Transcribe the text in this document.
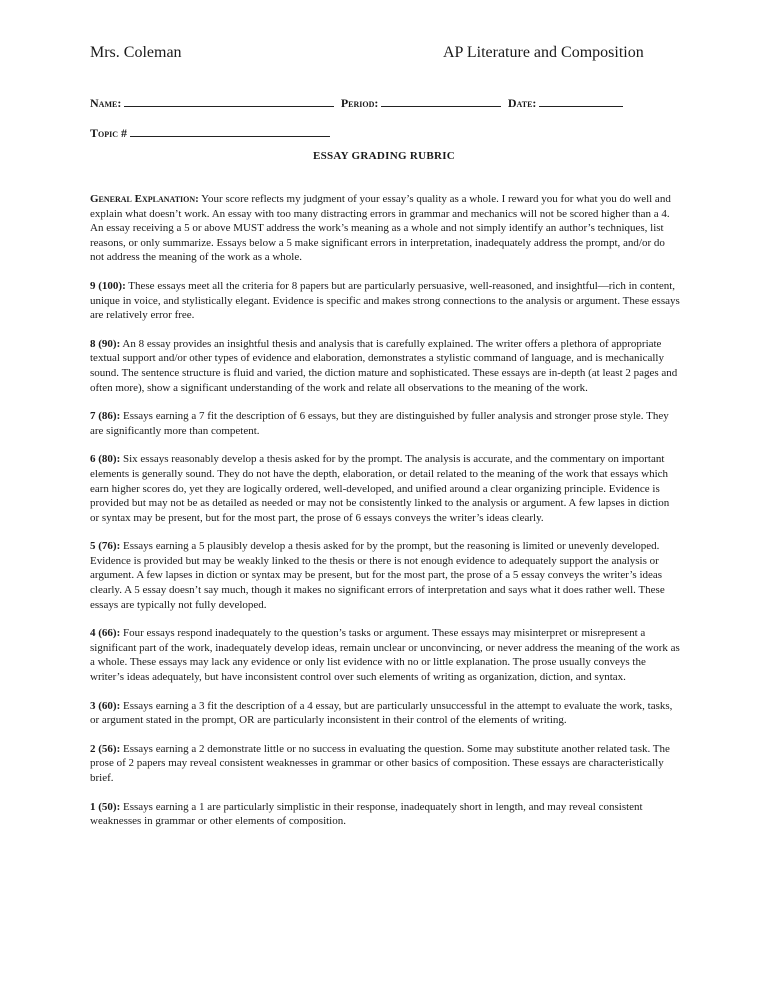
Mrs. Coleman	AP Literature and Composition
Name:	Period:	Date:
Topic #
ESSAY GRADING RUBRIC

General Explanation: Your score reflects my judgment of your essay’s quality as a whole. I reward you for what you do well and explain what doesn’t work. An essay with too many distracting errors in grammar and mechanics will not be scored higher than a 4. An essay receiving a 5 or above MUST address the work’s meaning as a whole and not simply identify an author’s techniques, list reasons, or only summarize. Essays below a 5 make significant errors in interpretation, inadequately address the prompt, and/or do not address the meaning of the work as a whole.

9 (100): These essays meet all the criteria for 8 papers but are particularly persuasive, well-reasoned, and insightful—rich in content, unique in voice, and stylistically elegant. Evidence is specific and makes strong connections to the analysis or argument. These essays are relatively error free.

8 (90): An 8 essay provides an insightful thesis and analysis that is carefully explained. The writer offers a plethora of appropriate textual support and/or other types of evidence and elaboration, demonstrates a stylistic command of language, and is mechanically sound. The sentence structure is fluid and varied, the diction mature and sophisticated. These essays are in-depth (at least 2 pages and often more), show a significant understanding of the work and relate all observations to the meaning of the work.

7 (86): Essays earning a 7 fit the description of 6 essays, but they are distinguished by fuller analysis and stronger prose style. They are significantly more than competent.

6 (80): Six essays reasonably develop a thesis asked for by the prompt. The analysis is accurate, and the commentary on important elements is generally sound. They do not have the depth, elaboration, or detail related to the meaning of the work that essays which earn higher scores do, yet they are logically ordered, well-developed, and unified around a clear organizing principle. Evidence is provided but may not be as detailed as needed or may not be consistently linked to the analysis or argument. A few lapses in diction or syntax may be present, but for the most part, the prose of 6 essays conveys the writer’s ideas clearly.

5 (76): Essays earning a 5 plausibly develop a thesis asked for by the prompt, but the reasoning is limited or unevenly developed. Evidence is provided but may be weakly linked to the thesis or there is not enough evidence to adequately support the analysis or argument. A few lapses in diction or syntax may be present, but for the most part, the prose of a 5 essay conveys the writer’s ideas clearly. A 5 essay doesn’t say much, though it makes no significant errors of interpretation and says what it does rather well. These essays are typically not fully developed.

4 (66): Four essays respond inadequately to the question’s tasks or argument. These essays may misinterpret or misrepresent a significant part of the work, inadequately develop ideas, remain unclear or unconvincing, or never address the meaning of the work as a whole. These essays may lack any evidence or only list evidence with no or little explanation. The prose usually conveys the writer’s ideas adequately, but have inconsistent control over such elements of writing as organization, diction, and syntax.

3 (60): Essays earning a 3 fit the description of a 4 essay, but are particularly unsuccessful in the attempt to evaluate the work, tasks, or argument stated in the prompt, OR are particularly inconsistent in their control of the elements of writing.

2 (56): Essays earning a 2 demonstrate little or no success in evaluating the question. Some may substitute another related task. The prose of 2 papers may reveal consistent weaknesses in grammar or other basics of composition. These essays are characteristically brief.

1 (50): Essays earning a 1 are particularly simplistic in their response, inadequately short in length, and may reveal consistent weaknesses in grammar or other elements of composition.
